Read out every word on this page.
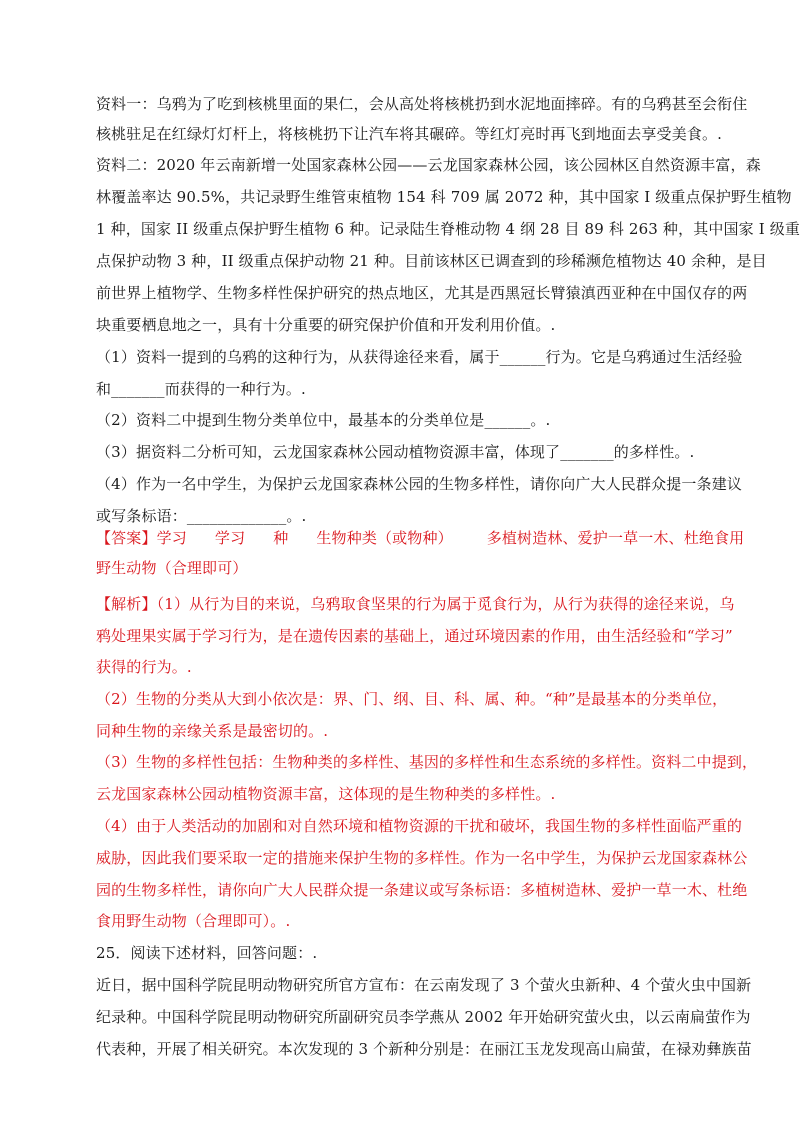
资料一：乌鸦为了吃到核桃里面的果仁，会从高处将核桃扔到水泥地面摔碎。有的乌鸦甚至会衔住
核桃驻足在红绿灯灯杆上，将核桃扔下让汽车将其碾碎。等红灯亮时再飞到地面去享受美食。.
资料二：2020 年云南新增一处国家森林公园——云龙国家森林公园，该公园林区自然资源丰富，森
林覆盖率达 90.5%，共记录野生维管束植物 154 科 709 属 2072 种，其中国家 I 级重点保护野生植物
1 种，国家 II 级重点保护野生植物 6 种。记录陆生脊椎动物 4 纲 28 目 89 科 263 种，其中国家 I 级重
点保护动物 3 种，II 级重点保护动物 21 种。目前该林区已调查到的珍稀濒危植物达 40 余种，是目
前世界上植物学、生物多样性保护研究的热点地区，尤其是西黑冠长臂猿滇西亚种在中国仅存的两
块重要栖息地之一，具有十分重要的研究保护价值和开发利用价值。.
（1）资料一提到的乌鸦的这种行为，从获得途径来看，属于______行为。它是乌鸦通过生活经验
和_______而获得的一种行为。.
（2）资料二中提到生物分类单位中，最基本的分类单位是______。.
（3）据资料二分析可知，云龙国家森林公园动植物资源丰富，体现了_______的多样性。.
（4）作为一名中学生，为保护云龙国家森林公园的生物多样性，请你向广大人民群众提一条建议
或写条标语：_____________。.
【答案】学习 学习 种 生物种类（或物种） 多植树造林、爱护一草一木、杜绝食用
野生动物（合理即可）
【解析】（1）从行为目的来说，乌鸦取食坚果的行为属于觅食行为，从行为获得的途径来说，乌
鸦处理果实属于学习行为，是在遗传因素的基础上，通过环境因素的作用，由生活经验和“学习”
获得的行为。.
（2）生物的分类从大到小依次是：界、门、纲、目、科、属、种。“种”是最基本的分类单位，
同种生物的亲缘关系是最密切的。.
（3）生物的多样性包括：生物种类的多样性、基因的多样性和生态系统的多样性。资料二中提到，
云龙国家森林公园动植物资源丰富，这体现的是生物种类的多样性。.
（4）由于人类活动的加剧和对自然环境和植物资源的干扰和破坏，我国生物的多样性面临严重的
威胁，因此我们要采取一定的措施来保护生物的多样性。作为一名中学生，为保护云龙国家森林公
园的生物多样性，请你向广大人民群众提一条建议或写条标语：多植树造林、爱护一草一木、杜绝
食用野生动物（合理即可）。.
25．阅读下述材料，回答问题：.
近日，据中国科学院昆明动物研究所官方宣布：在云南发现了 3 个萤火虫新种、4 个萤火虫中国新
纪录种。中国科学院昆明动物研究所副研究员李学燕从 2002 年开始研究萤火虫，以云南扁萤作为
代表种，开展了相关研究。本次发现的 3 个新种分别是：在丽江玉龙发现高山扁萤，在禄劝彝族苗
